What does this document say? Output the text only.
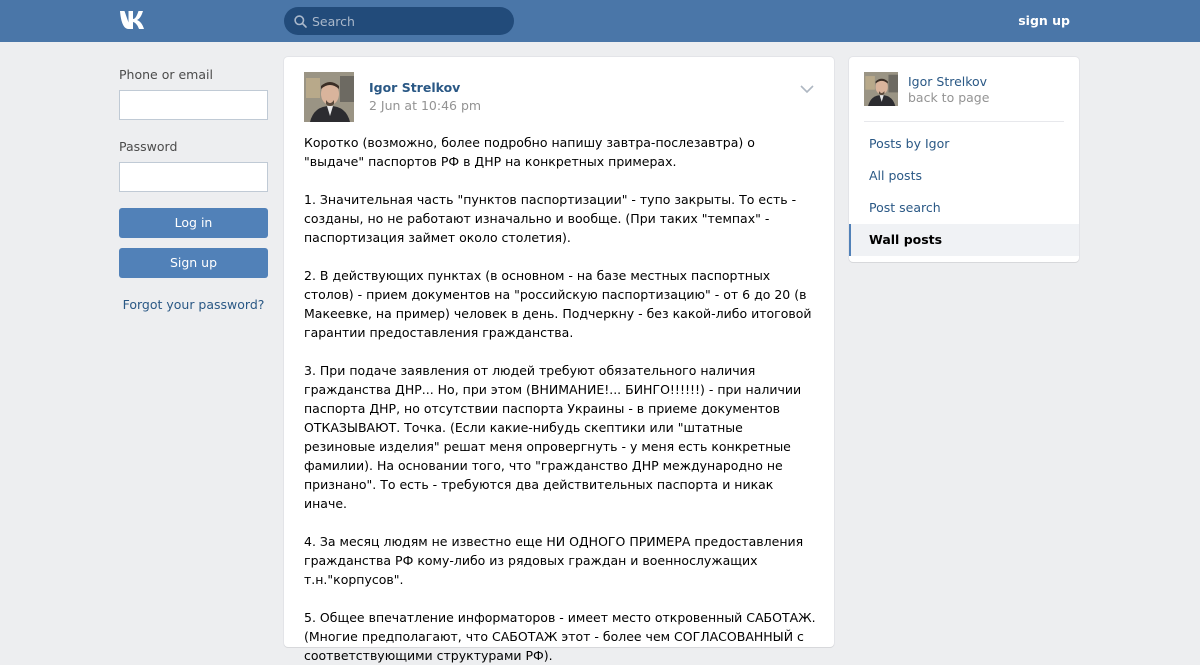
Search
sign up
Phone or email
Password
Log in
Sign up
Forgot your password?
Igor Strelkov
2 Jun at 10:46 pm
Коротко (возможно, более подробно напишу завтра-послезавтра) о "выдаче" паспортов РФ в ДНР на конкретных примерах.

1. Значительная часть "пунктов паспортизации" - тупо закрыты. То есть - созданы, но не работают изначально и вообще. (При таких "темпах" - паспортизация займет около столетия).

2. В действующих пунктах (в основном - на базе местных паспортных столов) - прием документов на "российскую паспортизацию" - от 6 до 20 (в Макеевке, на пример) человек в день. Подчеркну - без какой-либо итоговой гарантии предоставления гражданства.

3. При подаче заявления от людей требуют обязательного наличия гражданства ДНР... Но, при этом (ВНИМАНИЕ!... БИНГО!!!!!!) - при наличии паспорта ДНР, но отсутствии паспорта Украины - в приеме документов ОТКАЗЫВАЮТ. Точка. (Если какие-нибудь скептики или "штатные резиновые изделия" решат меня опровергнуть - у меня есть конкретные фамилии). На основании того, что "гражданство ДНР международно не признано". То есть - требуются два действительных паспорта и никак иначе.

4. За месяц людям не известно еще НИ ОДНОГО ПРИМЕРА предоставления гражданства РФ кому-либо из рядовых граждан и военнослужащих т.н."корпусов".

5. Общее впечатление информаторов - имеет место откровенный САБОТАЖ. (Многие предполагают, что САБОТАЖ этот - более чем СОГЛАСОВАННЫЙ с соответствующими структурами РФ).
Igor Strelkov
back to page
Posts by Igor
All posts
Post search
Wall posts
